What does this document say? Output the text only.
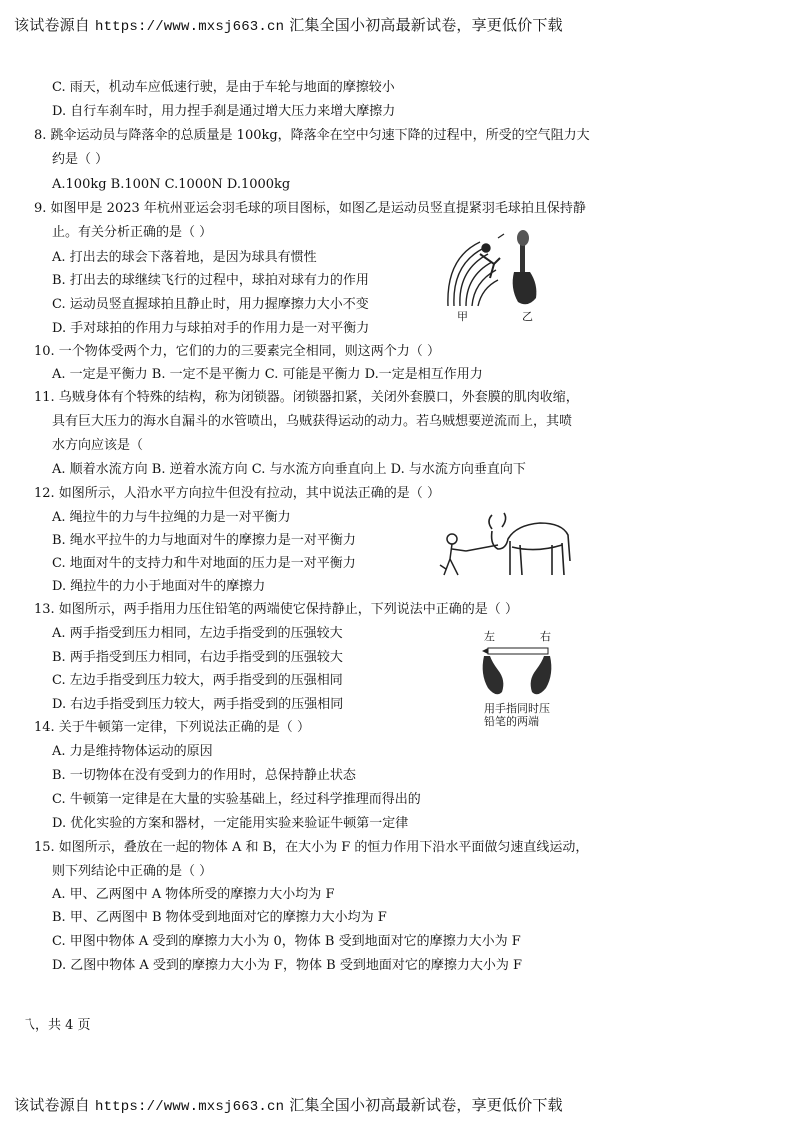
该试卷源自 https://www.mxsj663.cn 汇集全国小初高最新试卷，享更低价下载
C. 雨天，机动车应低速行驶，是由于车轮与地面的摩擦较小
D. 自行车刹车时，用力捏手刹是通过增大压力来增大摩擦力
8. 跳伞运动员与降落伞的总质量是 100kg，降落伞在空中匀速下降的过程中，所受的空气阻力大
约是（ ）
A.100kg B.100N C.1000N D.1000kg
9. 如图甲是 2023 年杭州亚运会羽毛球的项目图标，如图乙是运动员竖直提紧羽毛球拍且保持静
止。有关分析正确的是（ ）
A. 打出去的球会下落着地，是因为球具有惯性
B. 打出去的球继续飞行的过程中，球拍对球有力的作用
C. 运动员竖直握球拍且静止时，用力握摩擦力大小不变
D. 手对球拍的作用力与球拍对手的作用力是一对平衡力
10. 一个物体受两个力，它们的力的三要素完全相同，则这两个力（ ）
A. 一定是平衡力 B. 一定不是平衡力 C. 可能是平衡力 D.一定是相互作用力
11. 乌贼身体有个特殊的结构，称为闭锁器。闭锁器扣紧，关闭外套膜口，外套膜的肌肉收缩，
具有巨大压力的海水自漏斗的水管喷出，乌贼获得运动的动力。若乌贼想要逆流而上，其喷
水方向应该是（
A. 顺着水流方向 B. 逆着水流方向 C. 与水流方向垂直向上 D. 与水流方向垂直向下
12. 如图所示，人沿水平方向拉牛但没有拉动，其中说法正确的是（ ）
A. 绳拉牛的力与牛拉绳的力是一对平衡力
B. 绳水平拉牛的力与地面对牛的摩擦力是一对平衡力
C. 地面对牛的支持力和牛对地面的压力是一对平衡力
D. 绳拉牛的力小于地面对牛的摩擦力
13. 如图所示，两手指用力压住铅笔的两端使它保持静止，下列说法中正确的是（ ）
A. 两手指受到压力相同，左边手指受到的压强较大
B. 两手指受到压力相同，右边手指受到的压强较大
C. 左边手指受到压力较大，两手指受到的压强相同
D. 右边手指受到压力较大，两手指受到的压强相同
14. 关于牛顿第一定律，下列说法正确的是（ ）
A. 力是维持物体运动的原因
B. 一切物体在没有受到力的作用时，总保持静止状态
C. 牛顿第一定律是在大量的实验基础上，经过科学推理而得出的
D. 优化实验的方案和器材，一定能用实验来验证牛顿第一定律
15. 如图所示，叠放在一起的物体 A 和 B，在大小为 F 的恒力作用下沿水平面做匀速直线运动，
则下列结论中正确的是（ ）
A. 甲、乙两图中 A 物体所受的摩擦力大小均为 F
B. 甲、乙两图中 B 物体受到地面对它的摩擦力大小均为 F
C. 甲图中物体 A 受到的摩擦力大小为 0，物体 B 受到地面对它的摩擦力大小为 F
D. 乙图中物体 A 受到的摩擦力大小为 F，物体 B 受到地面对它的摩擦力大小为 F
甲	乙
左	右
用手指同时压
铅笔的两端
乁，共 4 页
该试卷源自 https://www.mxsj663.cn 汇集全国小初高最新试卷，享更低价下载
